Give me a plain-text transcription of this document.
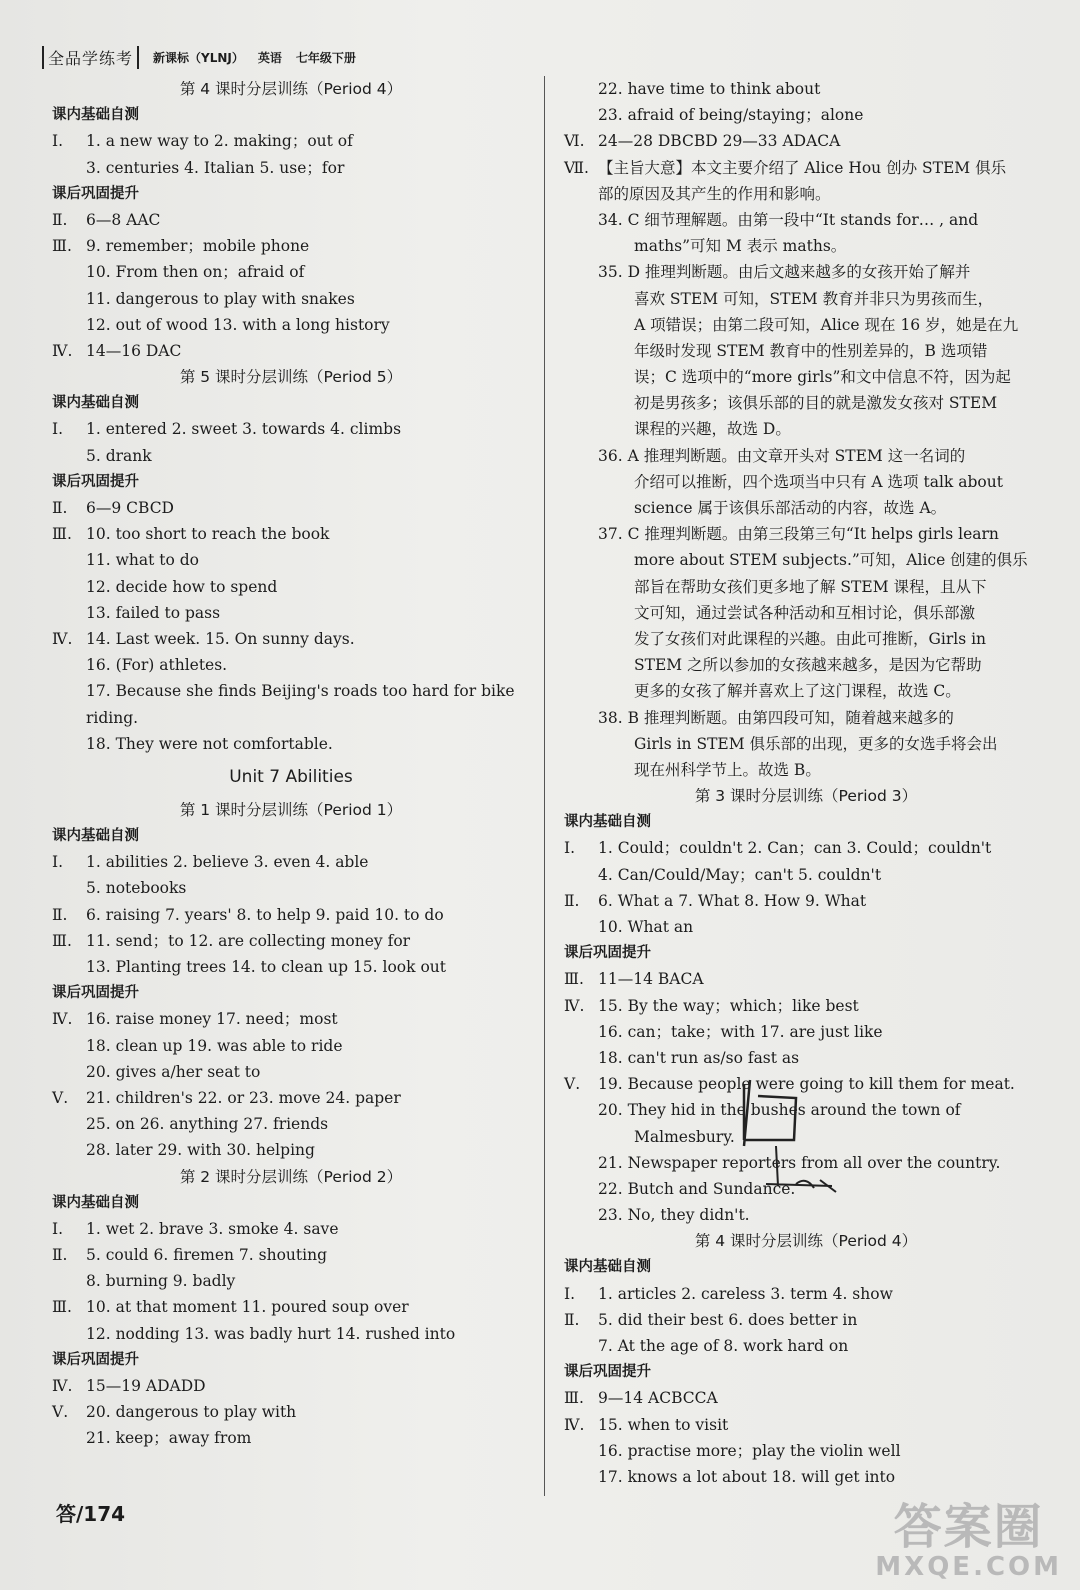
全品学练考	新课标（YLNJ） 英语 七年级下册
第 4 课时分层训练（Period 4）
课内基础自测
Ⅰ. 1. a new way to 2. making；out of
3. centuries 4. Italian 5. use；for
课后巩固提升
Ⅱ. 6—8 AAC
Ⅲ. 9. remember；mobile phone
10. From then on；afraid of
11. dangerous to play with snakes
12. out of wood 13. with a long history
Ⅳ. 14—16 DAC
第 5 课时分层训练（Period 5）
课内基础自测
Ⅰ. 1. entered 2. sweet 3. towards 4. climbs
5. drank
课后巩固提升
Ⅱ. 6—9 CBCD
Ⅲ. 10. too short to reach the book
11. what to do
12. decide how to spend
13. failed to pass
Ⅳ. 14. Last week. 15. On sunny days.
16. (For) athletes.
17. Because she finds Beijing's roads too hard for bike
riding.
18. They were not comfortable.
Unit 7 Abilities
第 1 课时分层训练（Period 1）
课内基础自测
Ⅰ. 1. abilities 2. believe 3. even 4. able
5. notebooks
Ⅱ. 6. raising 7. years' 8. to help 9. paid 10. to do
Ⅲ. 11. send；to 12. are collecting money for
13. Planting trees 14. to clean up 15. look out
课后巩固提升
Ⅳ. 16. raise money 17. need；most
18. clean up 19. was able to ride
20. gives a/her seat to
Ⅴ. 21. children's 22. or 23. move 24. paper
25. on 26. anything 27. friends
28. later 29. with 30. helping
第 2 课时分层训练（Period 2）
课内基础自测
Ⅰ. 1. wet 2. brave 3. smoke 4. save
Ⅱ. 5. could 6. firemen 7. shouting
8. burning 9. badly
Ⅲ. 10. at that moment 11. poured soup over
12. nodding 13. was badly hurt 14. rushed into
课后巩固提升
Ⅳ. 15—19 ADADD
Ⅴ. 20. dangerous to play with
21. keep；away from
22. have time to think about
23. afraid of being/staying；alone
Ⅵ. 24—28 DBCBD 29—33 ADACA
Ⅶ. 【主旨大意】本文主要介绍了 Alice Hou 创办 STEM 俱乐
部的原因及其产生的作用和影响。
34. C 细节理解题。由第一段中“It stands for… , and
maths”可知 M 表示 maths。
35. D 推理判断题。由后文越来越多的女孩开始了解并
喜欢 STEM 可知，STEM 教育并非只为男孩而生，
A 项错误；由第二段可知，Alice 现在 16 岁，她是在九
年级时发现 STEM 教育中的性别差异的，B 选项错
误；C 选项中的“more girls”和文中信息不符，因为起
初是男孩多；该俱乐部的目的就是激发女孩对 STEM
课程的兴趣，故选 D。
36. A 推理判断题。由文章开头对 STEM 这一名词的
介绍可以推断，四个选项当中只有 A 选项 talk about
science 属于该俱乐部活动的内容，故选 A。
37. C 推理判断题。由第三段第三句“It helps girls learn
more about STEM subjects.”可知，Alice 创建的俱乐
部旨在帮助女孩们更多地了解 STEM 课程，且从下
文可知，通过尝试各种活动和互相讨论，俱乐部激
发了女孩们对此课程的兴趣。由此可推断，Girls in
STEM 之所以参加的女孩越来越多，是因为它帮助
更多的女孩了解并喜欢上了这门课程，故选 C。
38. B 推理判断题。由第四段可知，随着越来越多的
Girls in STEM 俱乐部的出现，更多的女选手将会出
现在州科学节上。故选 B。
第 3 课时分层训练（Period 3）
课内基础自测
Ⅰ. 1. Could；couldn't 2. Can；can 3. Could；couldn't
4. Can/Could/May；can't 5. couldn't
Ⅱ. 6. What a 7. What 8. How 9. What
10. What an
课后巩固提升
Ⅲ. 11—14 BACA
Ⅳ. 15. By the way；which；like best
16. can；take；with 17. are just like
18. can't run as/so fast as
Ⅴ. 19. Because people were going to kill them for meat.
20. They hid in the bushes around the town of
Malmesbury.
21. Newspaper reporters from all over the country.
22. Butch and Sundance.
23. No, they didn't.
第 4 课时分层训练（Period 4）
课内基础自测
Ⅰ. 1. articles 2. careless 3. term 4. show
Ⅱ. 5. did their best 6. does better in
7. At the age of 8. work hard on
课后巩固提升
Ⅲ. 9—14 ACBCCA
Ⅳ. 15. when to visit
16. practise more；play the violin well
17. knows a lot about 18. will get into
答/174	答案圈
MXQE.COM
